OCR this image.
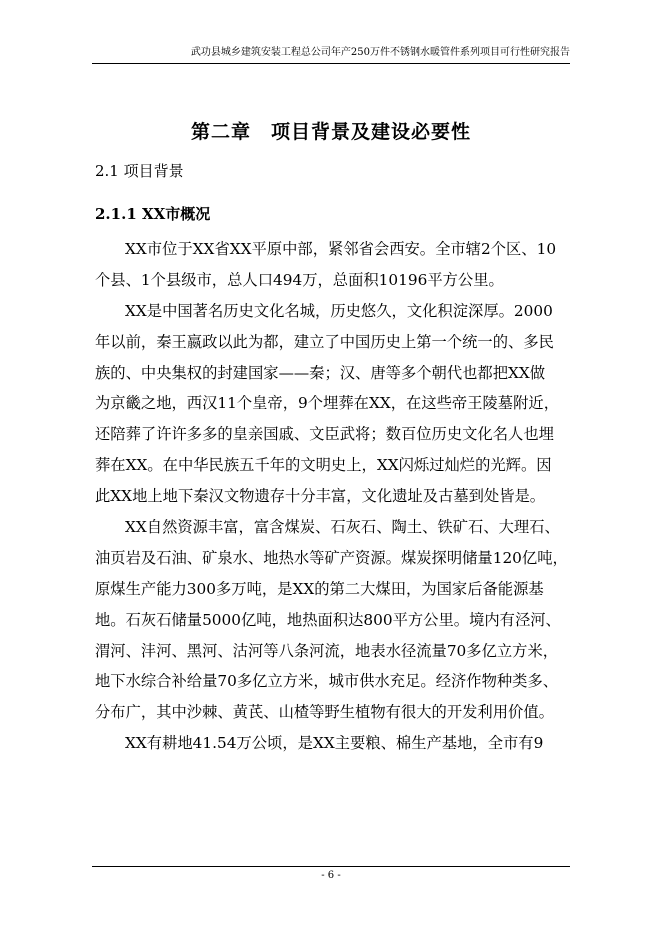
武功县城乡建筑安装工程总公司年产250万件不锈钢水暖管件系列项目可行性研究报告
第二章　项目背景及建设必要性
2.1 项目背景
2.1.1 XX市概况
XX市位于XX省XX平原中部，紧邻省会西安。全市辖2个区、10
个县、1个县级市，总人口494万，总面积10196平方公里。
XX是中国著名历史文化名城，历史悠久，文化积淀深厚。2000
年以前，秦王嬴政以此为都，建立了中国历史上第一个统一的、多民
族的、中央集权的封建国家——秦；汉、唐等多个朝代也都把XX做
为京畿之地，西汉11个皇帝，9个埋葬在XX，在这些帝王陵墓附近，
还陪葬了许许多多的皇亲国戚、文臣武将；数百位历史文化名人也埋
葬在XX。在中华民族五千年的文明史上，XX闪烁过灿烂的光辉。因
此XX地上地下秦汉文物遗存十分丰富，文化遗址及古墓到处皆是。
XX自然资源丰富，富含煤炭、石灰石、陶土、铁矿石、大理石、
油页岩及石油、矿泉水、地热水等矿产资源。煤炭探明储量120亿吨，
原煤生产能力300多万吨，是XX的第二大煤田，为国家后备能源基
地。石灰石储量5000亿吨，地热面积达800平方公里。境内有泾河、
渭河、沣河、黑河、沽河等八条河流，地表水径流量70多亿立方米，
地下水综合补给量70多亿立方米，城市供水充足。经济作物种类多、
分布广，其中沙棘、黄芪、山楂等野生植物有很大的开发利用价值。
XX有耕地41.54万公顷，是XX主要粮、棉生产基地，全市有9
- 6 -
